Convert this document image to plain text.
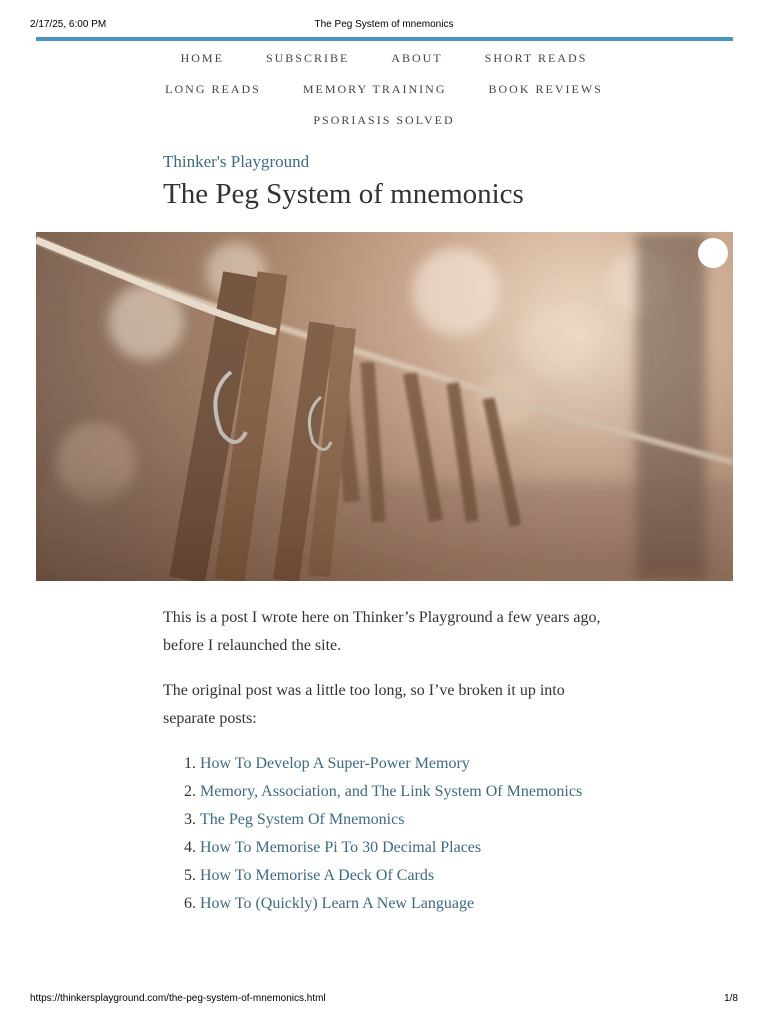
2/17/25, 6:00 PM	The Peg System of mnemonics
HOME	SUBSCRIBE	ABOUT	SHORT READS
LONG READS	MEMORY TRAINING	BOOK REVIEWS
PSORIASIS SOLVED
Thinker's Playground
The Peg System of mnemonics

This is a post I wrote here on Thinker’s Playground a few years ago, before I relaunched the site.

The original post was a little too long, so I’ve broken it up into separate posts:

1. How To Develop A Super-Power Memory
2. Memory, Association, and The Link System Of Mnemonics
3. The Peg System Of Mnemonics
4. How To Memorise Pi To 30 Decimal Places
5. How To Memorise A Deck Of Cards
6. How To (Quickly) Learn A New Language
https://thinkersplayground.com/the-peg-system-of-mnemonics.html	1/8
